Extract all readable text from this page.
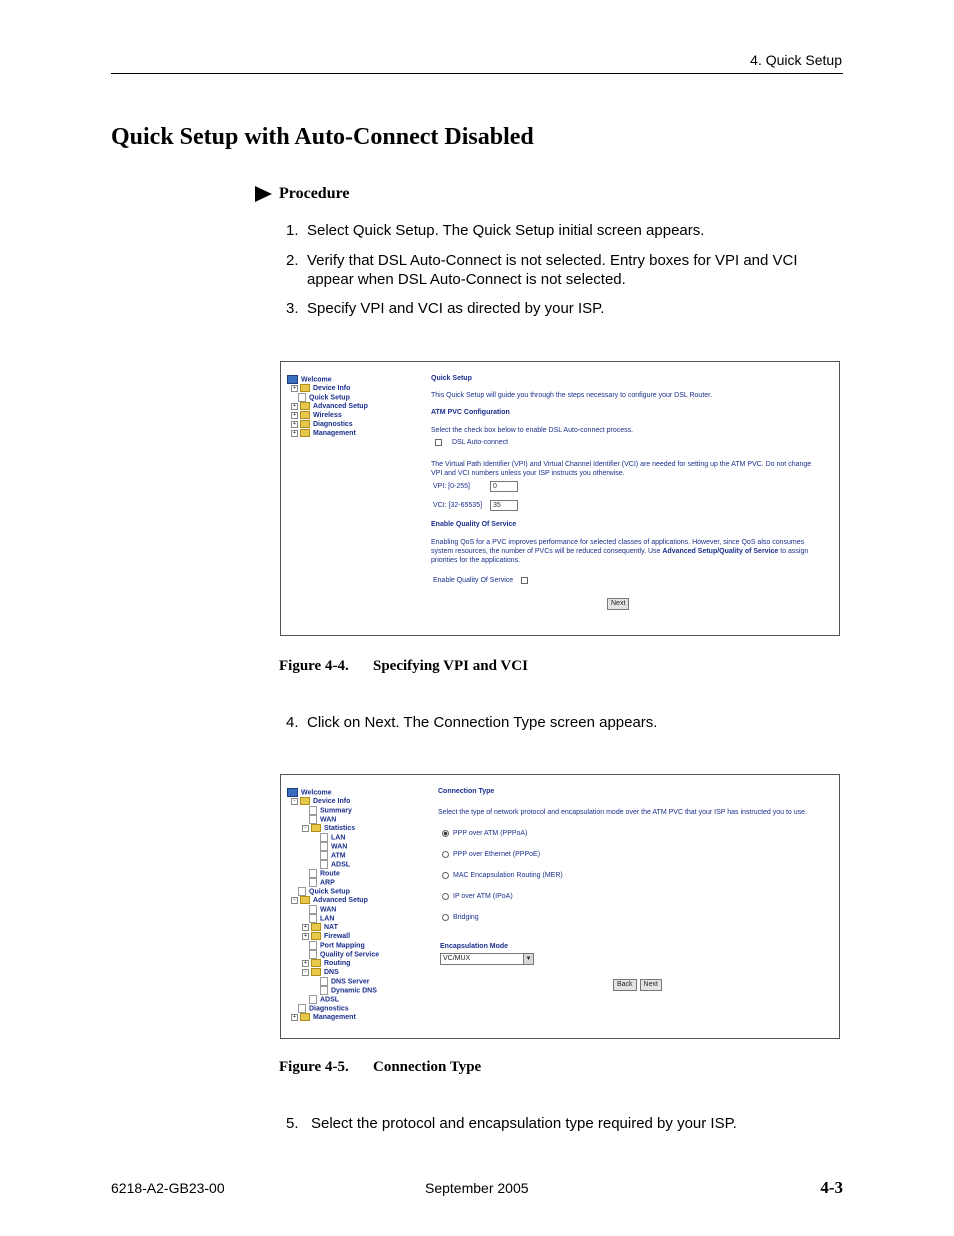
4. Quick Setup
Quick Setup with Auto-Connect Disabled
Procedure
1. Select Quick Setup. The Quick Setup initial screen appears.
2. Verify that DSL Auto-Connect is not selected. Entry boxes for VPI and VCI appear when DSL Auto-Connect is not selected.
3. Specify VPI and VCI as directed by your ISP.
Welcome
+ Device Info
Quick Setup
+ Advanced Setup
+ Wireless
+ Diagnostics
+ Management
Quick Setup
This Quick Setup will guide you through the steps necessary to configure your DSL Router.
ATM PVC Configuration
Select the check box below to enable DSL Auto-connect process.
DSL Auto-connect
The Virtual Path Identifier (VPI) and Virtual Channel Identifier (VCI) are needed for setting up the ATM PVC. Do not change VPI and VCI numbers unless your ISP instructs you otherwise.
VPI: [0-255]	0
VCI: [32-65535] 35
Enable Quality Of Service
Enabling QoS for a PVC improves performance for selected classes of applications. However, since QoS also consumes system resources, the number of PVCs will be reduced consequently. Use Advanced Setup/Quality of Service to assign priorities for the applications.
Enable Quality Of Service
Next
Figure 4-4. Specifying VPI and VCI
4. Click on Next. The Connection Type screen appears.
Welcome
-	Device Info
Summary
WAN
-	Statistics
LAN
WAN
ATM
ADSL
Route
ARP
Quick Setup
-	Advanced Setup
WAN
LAN
+ NAT
+ Firewall
Port Mapping
Quality of Service
+ Routing
-	DNS
DNS Server
Dynamic DNS
ADSL
Diagnostics
+ Management
Connection Type
Select the type of network protocol and encapsulation mode over the ATM PVC that your ISP has instructed you to use.
PPP over ATM (PPPoA)
PPP over Ethernet (PPPoE)
MAC Encapsulation Routing (MER)
IP over ATM (IPoA)
Bridging
Encapsulation Mode
VC/MUX	▼
Back Next
Figure 4-5. Connection Type
5. Select the protocol and encapsulation type required by your ISP.
6218-A2-GB23-00	September 2005	4-3
